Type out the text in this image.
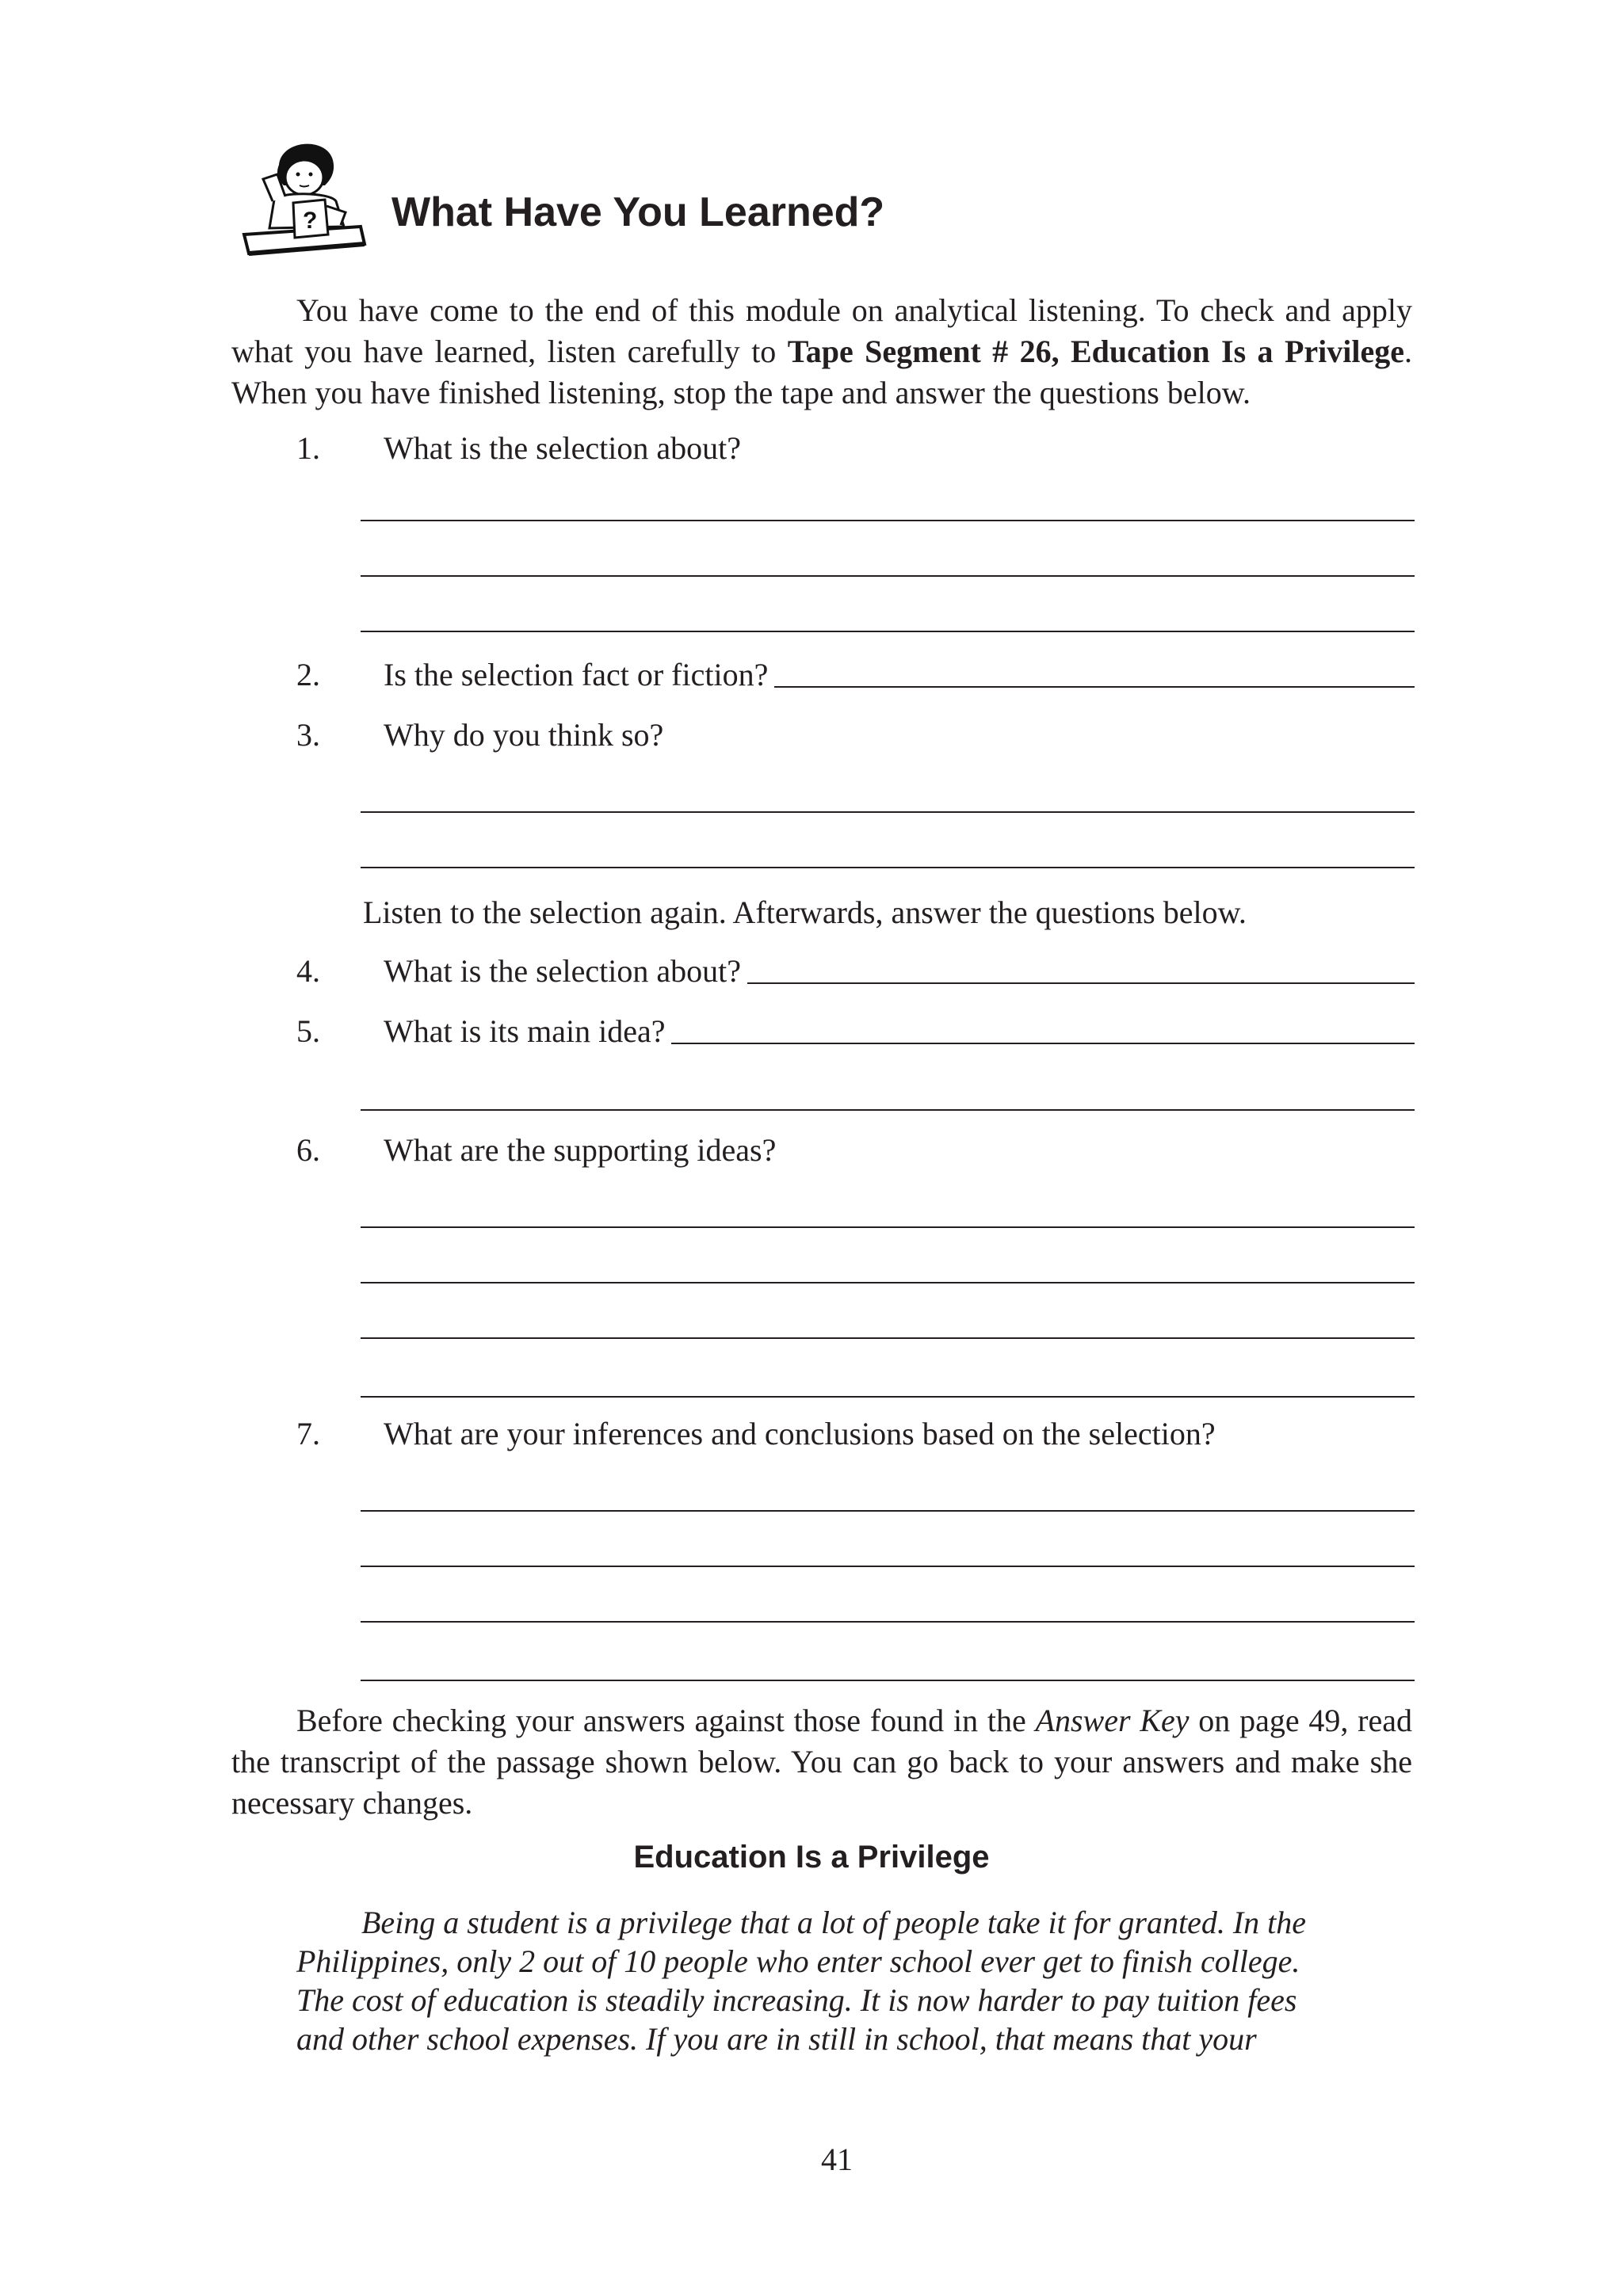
? What Have You Learned?
You have come to the end of this module on analytical listening. To check and apply what you have learned, listen carefully to Tape Segment # 26, Education Is a Privilege. When you have finished listening, stop the tape and answer the questions below.
1.	What is the selection about?
2.	Is the selection fact or fiction?
3.	Why do you think so?
Listen to the selection again. Afterwards, answer the questions below.
4.	What is the selection about?
5.	What is its main idea?
6.	What are the supporting ideas?
7.	What are your inferences and conclusions based on the selection?
Before checking your answers against those found in the Answer Key on page 49, read the transcript of the passage shown below. You can go back to your answers and make she necessary changes.
Education Is a Privilege
Being a student is a privilege that a lot of people take it for granted. In the
Philippines, only 2 out of 10 people who enter school ever get to finish college.
The cost of education is steadily increasing. It is now harder to pay tuition fees
and other school expenses. If you are in still in school, that means that your
41
